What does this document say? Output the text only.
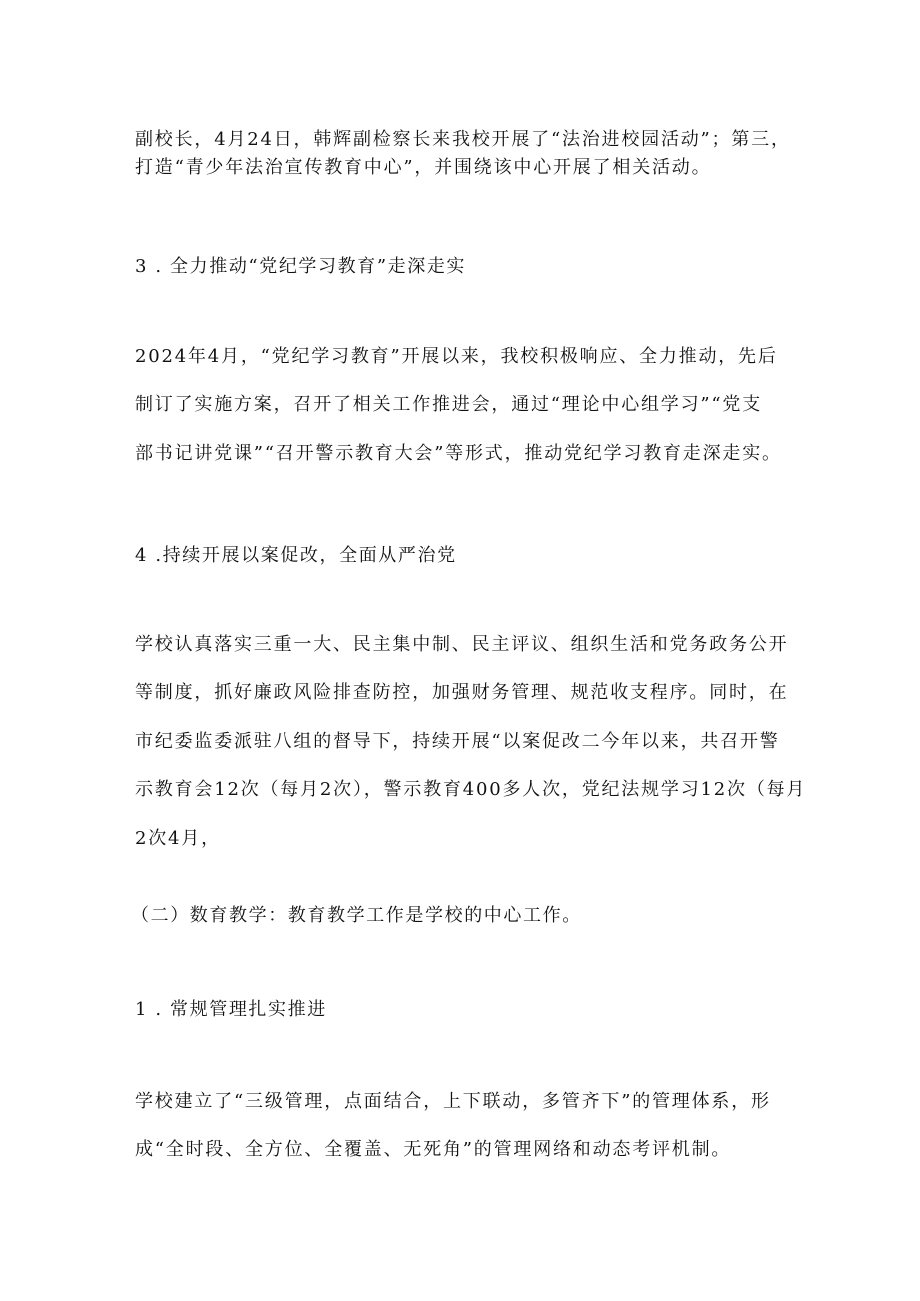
副校长，4月24日，韩辉副检察长来我校开展了“法治进校园活动”；第三，
打造“青少年法治宣传教育中心”，并围绕该中心开展了相关活动。
3 . 全力推动“党纪学习教育”走深走实
2024年4月，“党纪学习教育”开展以来，我校积极响应、全力推动，先后
制订了实施方案，召开了相关工作推进会，通过“理论中心组学习”“党支
部书记讲党课”“召开警示教育大会”等形式，推动党纪学习教育走深走实。
4 .持续开展以案促改，全面从严治党
学校认真落实三重一大、民主集中制、民主评议、组织生活和党务政务公开
等制度，抓好廉政风险排查防控，加强财务管理、规范收支程序。同时，在
市纪委监委派驻八组的督导下，持续开展“以案促改二今年以来，共召开警
示教育会12次（每月2次），警示教育400多人次，党纪法规学习12次（每月
2次4月，
（二）数育教学：教育教学工作是学校的中心工作。
1 . 常规管理扎实推进
学校建立了“三级管理，点面结合，上下联动，多管齐下”的管理体系，形
成“全时段、全方位、全覆盖、无死角”的管理网络和动态考评机制。
